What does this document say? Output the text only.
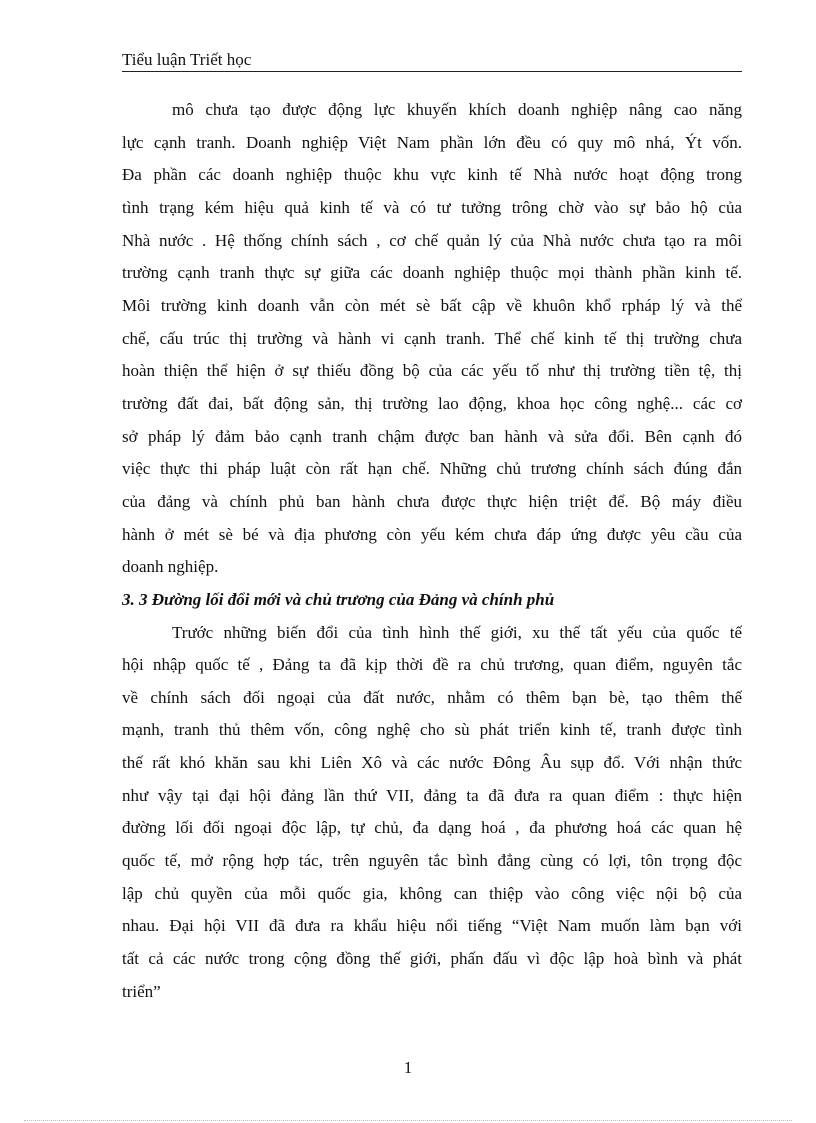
Tiểu luận Triết học
mô chưa tạo được động lực khuyến khích doanh nghiệp nâng cao năng
lực cạnh tranh. Doanh nghiệp Việt Nam phần lớn đều có quy mô nhá, Ýt vốn.
Đa phần các doanh nghiệp thuộc khu vực kinh tế Nhà nước hoạt động trong
tình trạng kém hiệu quả kinh tế và có tư tưởng trông chờ vào sự bảo hộ của
Nhà nước . Hệ thống chính sách , cơ chế quản lý của Nhà nước chưa tạo ra môi
trường cạnh tranh thực sự giữa các doanh nghiệp thuộc mọi thành phần kinh tế.
Môi trường kinh doanh vẫn còn mét sè bất cập về khuôn khổ rpháp lý và thể
chế, cấu trúc thị trường và hành vi cạnh tranh. Thể chế kinh tế thị trường chưa
hoàn thiện thể hiện ở sự thiếu đồng bộ của các yếu tố như thị trường tiền tệ, thị
trường đất đai, bất động sản, thị trường lao động, khoa học công nghệ... các cơ
sở pháp lý đảm bảo cạnh tranh chậm được ban hành và sửa đổi. Bên cạnh đó
việc thực thi pháp luật còn rất hạn chế. Những chủ trương chính sách đúng đắn
của đảng và chính phủ ban hành chưa được thực hiện triệt để. Bộ máy điều
hành ở mét sè bé và địa phương còn yếu kém chưa đáp ứng được yêu cầu của
doanh nghiệp.
3. 3 Đường lối đổi mới và chủ trương của Đảng và chính phủ
Trước những biến đổi của tình hình thế giới, xu thế tất yếu của quốc tế
hội nhập quốc tế , Đảng ta đã kịp thời đề ra chủ trương, quan điểm, nguyên tắc
về chính sách đối ngoại của đất nước, nhằm có thêm bạn bè, tạo thêm thế
mạnh, tranh thủ thêm vốn, công nghệ cho sù phát triển kinh tế, tranh được tình
thế rất khó khăn sau khi Liên Xô và các nước Đông Âu sụp đổ. Với nhận thức
như vậy tại đại hội đảng lần thứ VII, đảng ta đã đưa ra quan điểm : thực hiện
đường lối đối ngoại độc lập, tự chủ, đa dạng hoá , đa phương hoá các quan hệ
quốc tế, mở rộng hợp tác, trên nguyên tắc bình đẳng cùng có lợi, tôn trọng độc
lập chủ quyền của mỗi quốc gia, không can thiệp vào công việc nội bộ của
nhau. Đại hội VII đã đưa ra khẩu hiệu nổi tiếng “Việt Nam muốn làm bạn với
tất cả các nước trong cộng đồng thế giới, phấn đấu vì độc lập hoà bình và phát
triển”
1
